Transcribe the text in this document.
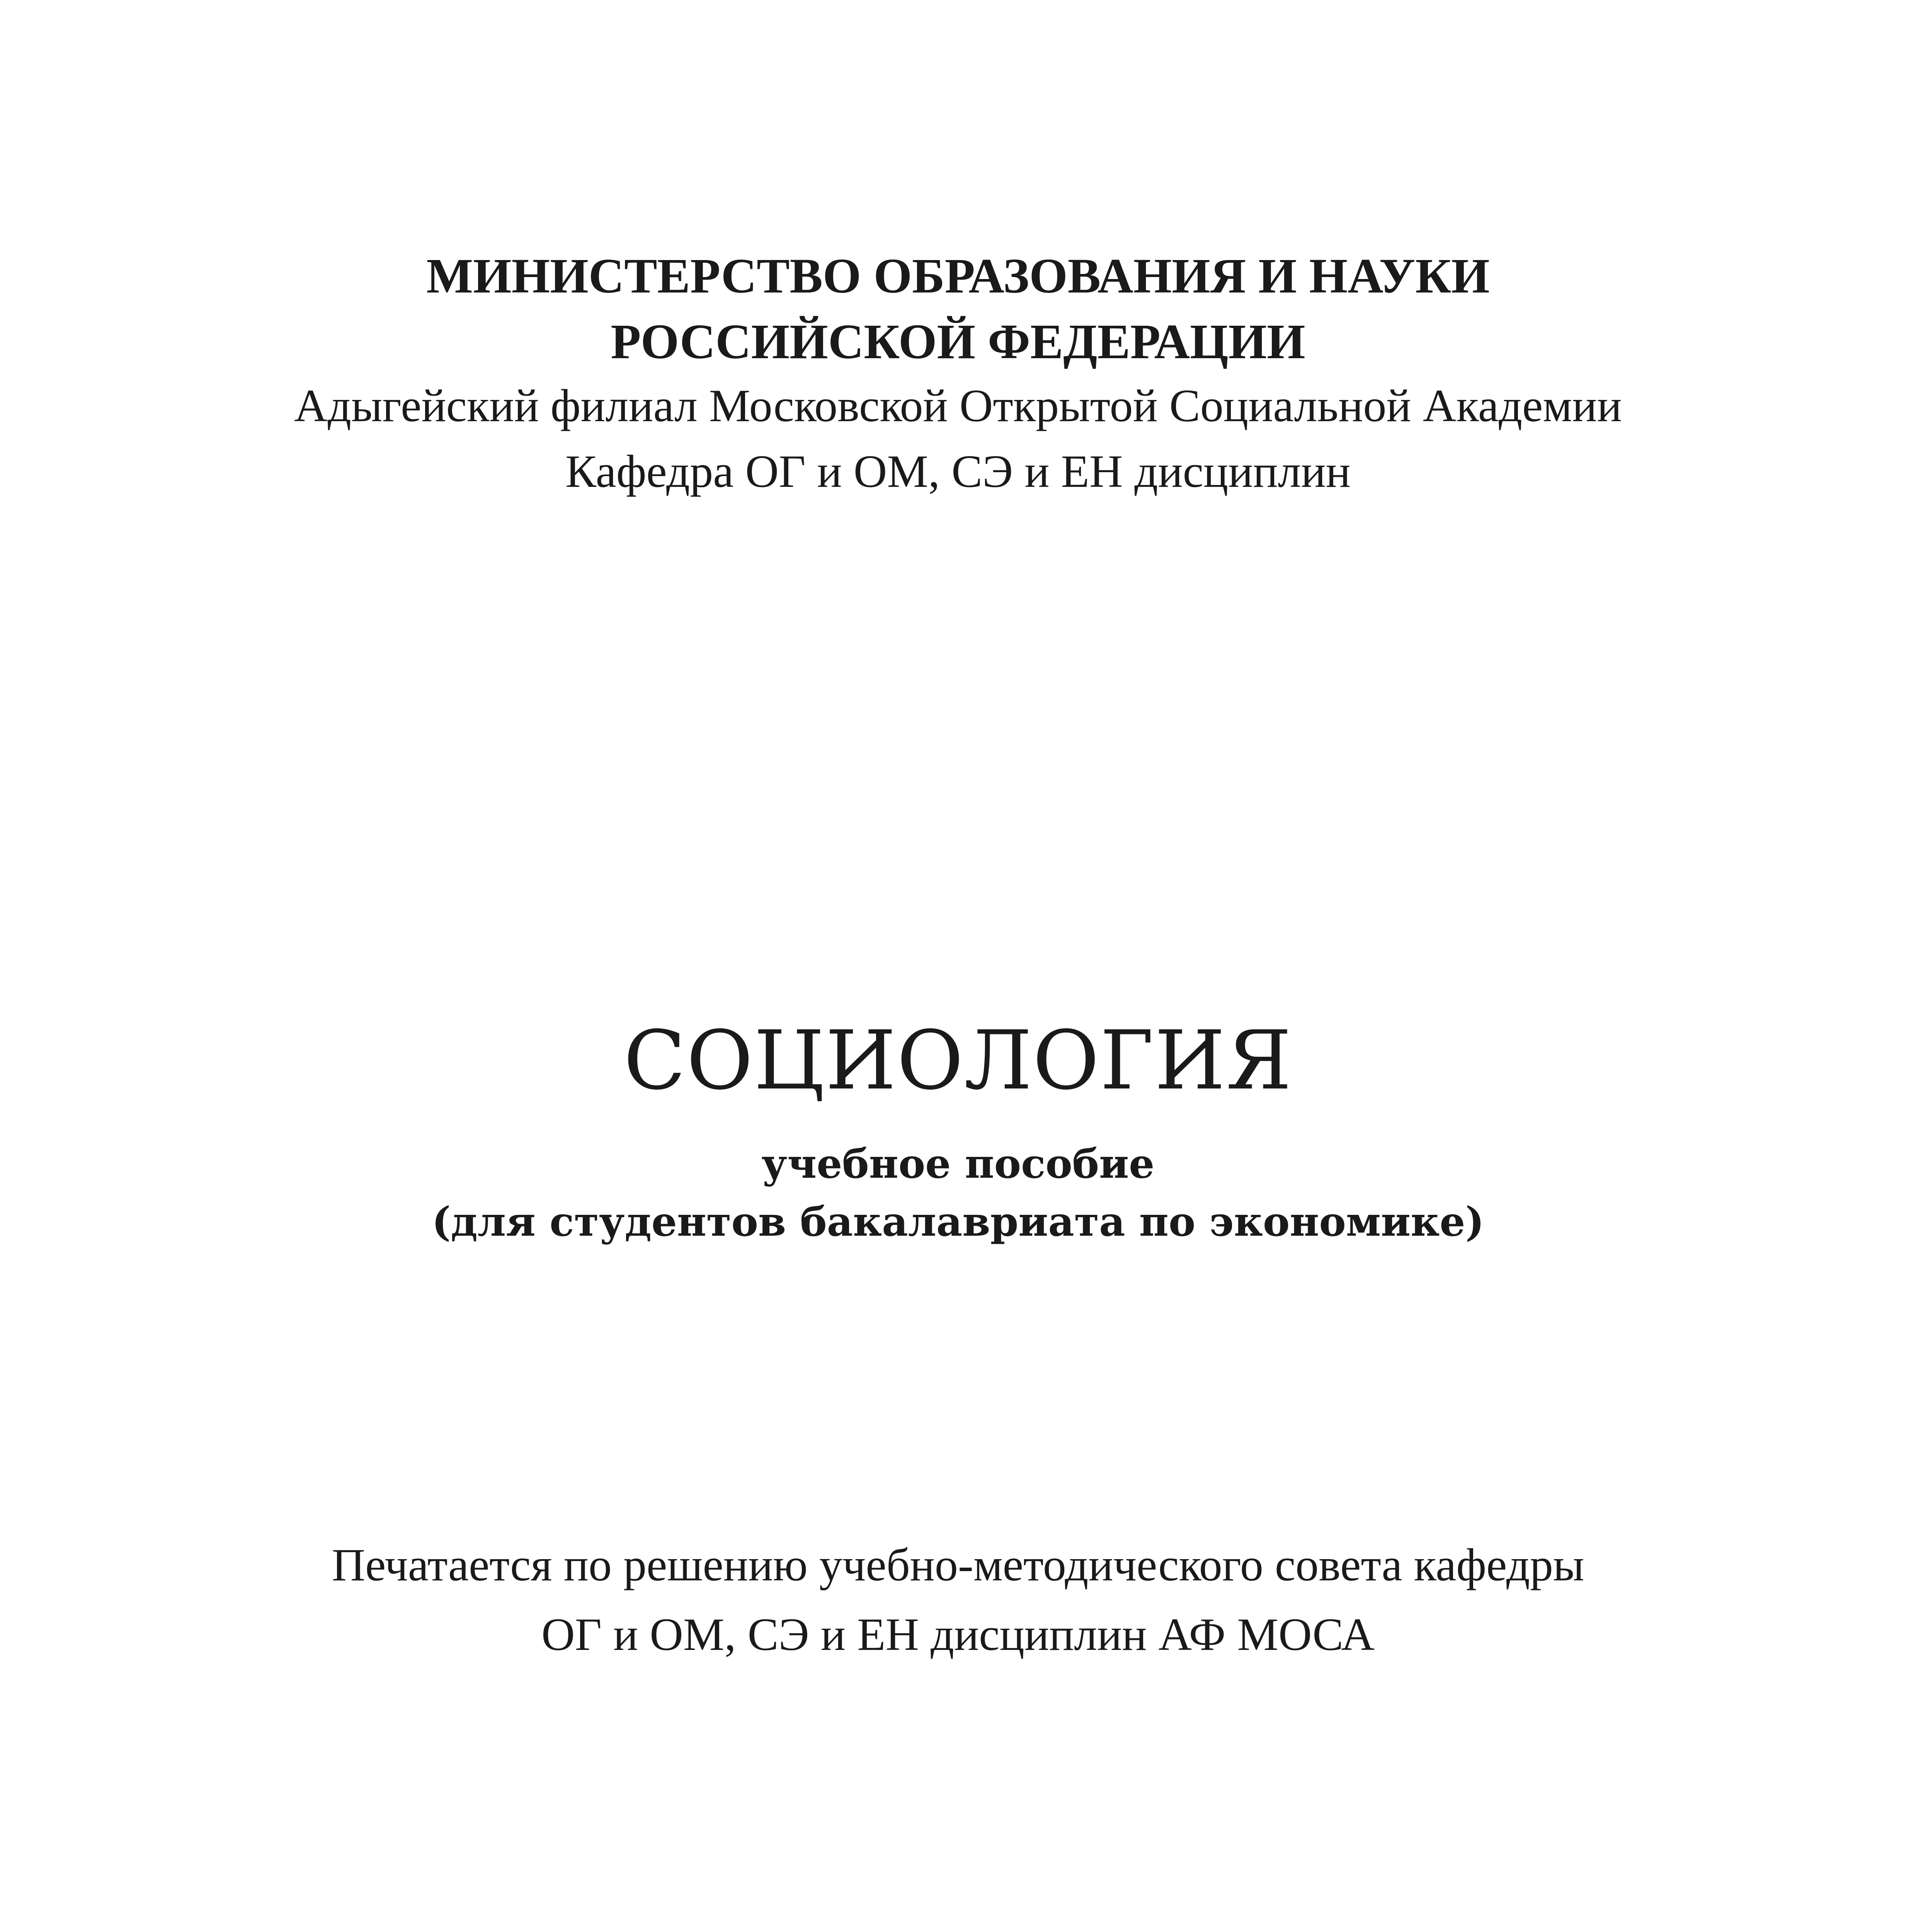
МИНИСТЕРСТВО ОБРАЗОВАНИЯ И НАУКИ
РОССИЙСКОЙ ФЕДЕРАЦИИ
Адыгейский филиал Московской Открытой Социальной Академии
Кафедра ОГ и ОМ, СЭ и ЕН дисциплин
СОЦИОЛОГИЯ
учебное пособие
(для студентов бакалавриата по экономике)
Печатается по решению учебно-методического совета кафедры
ОГ и ОМ, СЭ и ЕН дисциплин АФ МОСА
